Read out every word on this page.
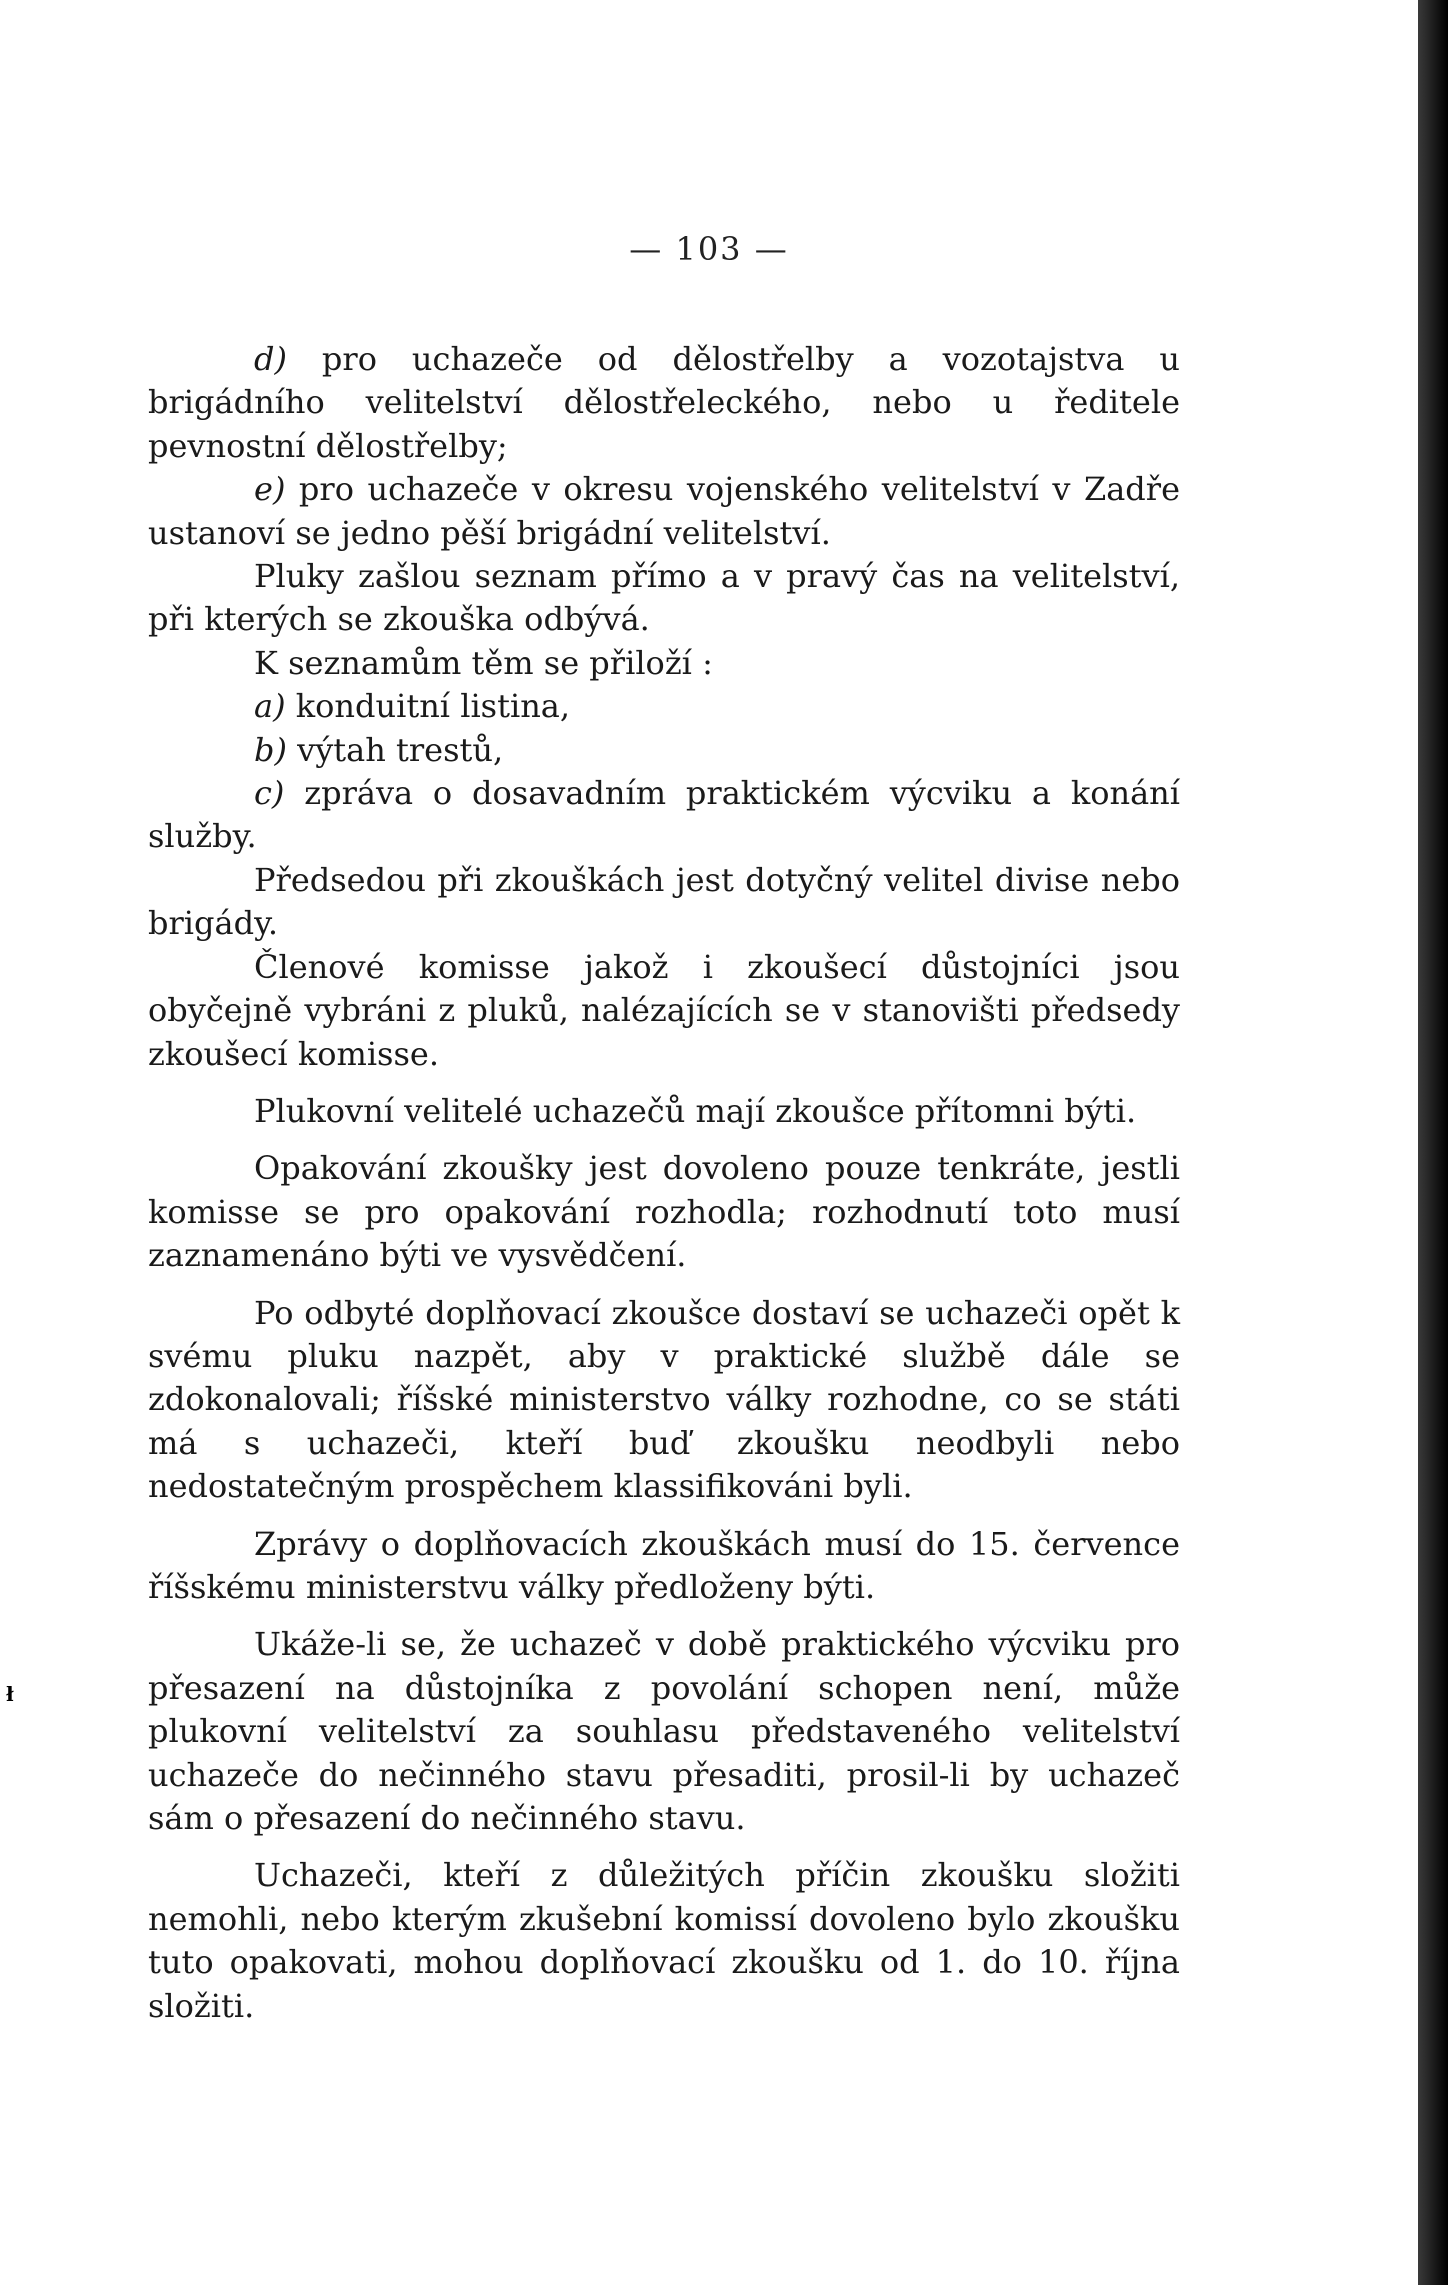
— 103 —

d) pro uchazeče od dělostřelby a vozotajstva u brigádního velitelství dělostřeleckého, nebo u ředitele pevnostní dělostřelby;

e) pro uchazeče v okresu vojenského velitelství v Zadře ustanoví se jedno pěší brigádní velitelství.

Pluky zašlou seznam přímo a v pravý čas na velitelství, při kterých se zkouška odbývá.

K seznamům těm se přiloží :

a) konduitní listina,

b) výtah trestů,

c) zpráva o dosavadním praktickém výcviku a konání služby.

Předsedou při zkouškách jest dotyčný velitel divise nebo brigády.

Členové komisse jakož i zkoušecí důstojníci jsou obyčejně vybráni z pluků, nalézajících se v stanovišti předsedy zkoušecí komisse.

Plukovní velitelé uchazečů mají zkoušce přítomni býti.

Opakování zkoušky jest dovoleno pouze tenkráte, jestli komisse se pro opakování rozhodla; rozhodnutí toto musí zaznamenáno býti ve vysvědčení.

Po odbyté doplňovací zkoušce dostaví se uchazeči opět k svému pluku nazpět, aby v praktické službě dále se zdokonalovali; říšské ministerstvo války rozhodne, co se státi má s uchazeči, kteří buď zkoušku neodbyli nebo nedostatečným prospěchem klassifikováni byli.

Zprávy o doplňovacích zkouškách musí do 15. července říšskému ministerstvu války předloženy býti.

Ukáže-li se, že uchazeč v době praktického výcviku pro přesazení na důstojníka z povolání schopen není, může plukovní velitelství za souhlasu představeného velitelství uchazeče do nečinného stavu přesaditi, prosil-li by uchazeč sám o přesazení do nečinného stavu.

Uchazeči, kteří z důležitých příčin zkoušku složiti nemohli, nebo kterým zkušební komissí dovoleno bylo zkoušku tuto opakovati, mohou doplňovací zkoušku od 1. do 10. října složiti.

ł
